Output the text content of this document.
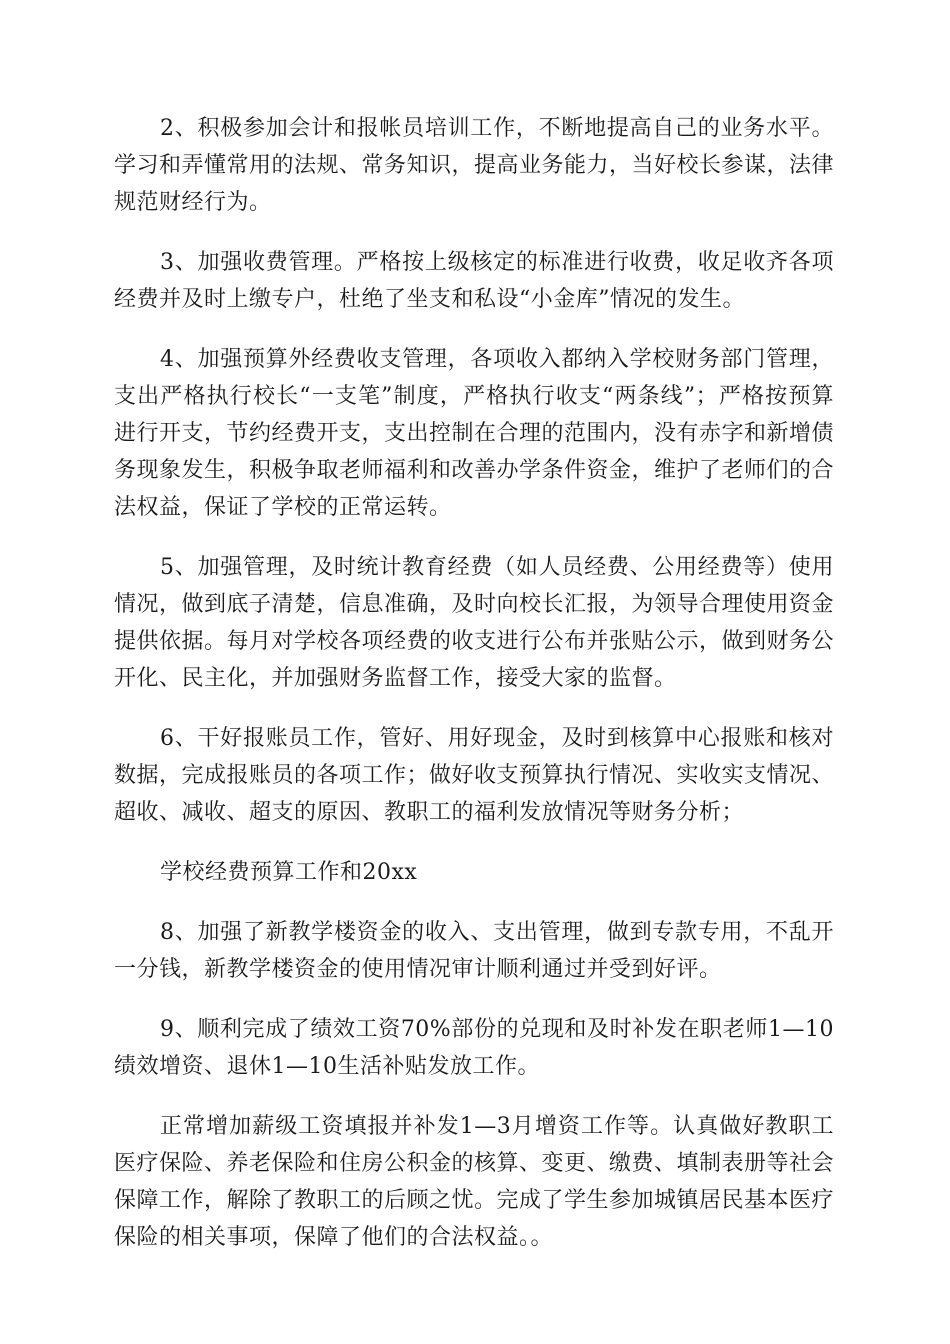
2、积极参加会计和报帐员培训工作，不断地提高自己的业务水平。学习和弄懂常用的法规、常务知识，提高业务能力，当好校长参谋，法律规范财经行为。

3、加强收费管理。严格按上级核定的标准进行收费，收足收齐各项经费并及时上缴专户，杜绝了坐支和私设“小金库”情况的发生。

4、加强预算外经费收支管理，各项收入都纳入学校财务部门管理，支出严格执行校长“一支笔”制度，严格执行收支“两条线”；严格按预算进行开支，节约经费开支，支出控制在合理的范围内，没有赤字和新增债务现象发生，积极争取老师福利和改善办学条件资金，维护了老师们的合法权益，保证了学校的正常运转。

5、加强管理，及时统计教育经费（如人员经费、公用经费等）使用情况，做到底子清楚，信息准确，及时向校长汇报，为领导合理使用资金提供依据。每月对学校各项经费的收支进行公布并张贴公示，做到财务公开化、民主化，并加强财务监督工作，接受大家的监督。

6、干好报账员工作，管好、用好现金，及时到核算中心报账和核对数据，完成报账员的各项工作；做好收支预算执行情况、实收实支情况、超收、减收、超支的原因、教职工的福利发放情况等财务分析；

学校经费预算工作和20xx

8、加强了新教学楼资金的收入、支出管理，做到专款专用，不乱开一分钱，新教学楼资金的使用情况审计顺利通过并受到好评。

9、顺利完成了绩效工资70%部份的兑现和及时补发在职老师1—10绩效增资、退休1—10生活补贴发放工作。

正常增加薪级工资填报并补发1—3月增资工作等。认真做好教职工医疗保险、养老保险和住房公积金的核算、变更、缴费、填制表册等社会保障工作，解除了教职工的后顾之忧。完成了学生参加城镇居民基本医疗保险的相关事项，保障了他们的合法权益。。
